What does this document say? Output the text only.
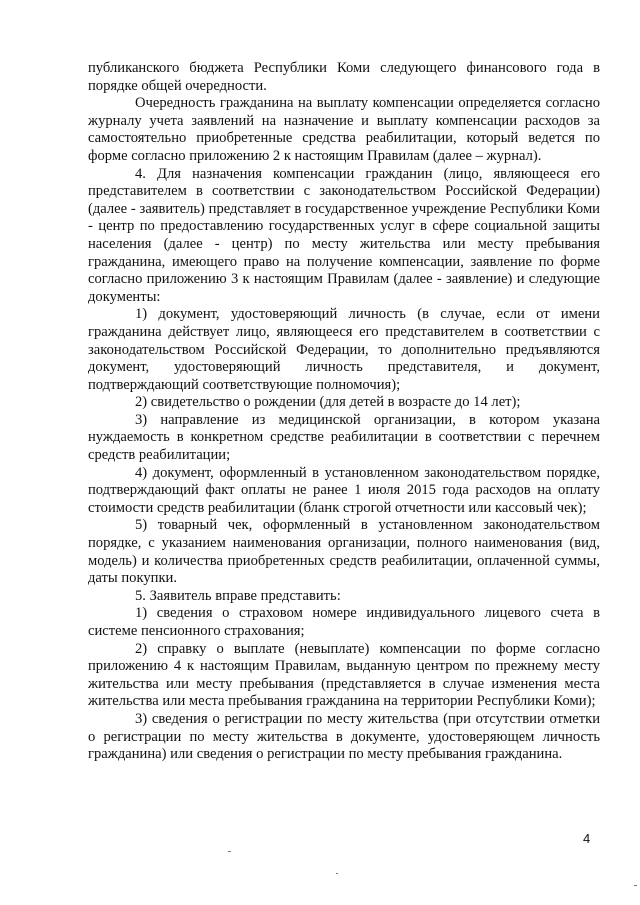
публиканского бюджета Республики Коми следующего финансового года в порядке общей очередности.

Очередность гражданина на выплату компенсации определяется согласно журналу учета заявлений на назначение и выплату компенсации расходов за самостоятельно приобретенные средства реабилитации, который ведется по форме согласно приложению 2 к настоящим Правилам (далее – журнал).

4. Для назначения компенсации гражданин (лицо, являющееся его представителем в соответствии с законодательством Российской Федерации) (далее - заявитель) представляет в государственное учреждение Республики Коми - центр по предоставлению государственных услуг в сфере социальной защиты населения (далее - центр) по месту жительства или месту пребывания гражданина, имеющего право на получение компенсации, заявление по форме согласно приложению 3 к настоящим Правилам (далее - заявление) и следующие документы:

1) документ, удостоверяющий личность (в случае, если от имени гражданина действует лицо, являющееся его представителем в соответствии с законодательством Российской Федерации, то дополнительно предъявляются документ, удостоверяющий личность представителя, и документ, подтверждающий соответствующие полномочия);

2) свидетельство о рождении (для детей в возрасте до 14 лет);

3) направление из медицинской организации, в котором указана нуждаемость в конкретном средстве реабилитации в соответствии с перечнем средств реабилитации;

4) документ, оформленный в установленном законодательством порядке, подтверждающий факт оплаты не ранее 1 июля 2015 года расходов на оплату стоимости средств реабилитации (бланк строгой отчетности или кассовый чек);

5) товарный чек, оформленный в установленном законодательством порядке, с указанием наименования организации, полного наименования (вид, модель) и количества приобретенных средств реабилитации, оплаченной суммы, даты покупки.

5. Заявитель вправе представить:

1) сведения о страховом номере индивидуального лицевого счета в системе пенсионного страхования;

2) справку о выплате (невыплате) компенсации по форме согласно приложению 4 к настоящим Правилам, выданную центром по прежнему месту жительства или месту пребывания (представляется в случае изменения места жительства или места пребывания гражданина на территории Республики Коми);

3) сведения о регистрации по месту жительства (при отсутствии отметки о регистрации по месту жительства в документе, удостоверяющем личность гражданина) или сведения о регистрации по месту пребывания гражданина.

4
